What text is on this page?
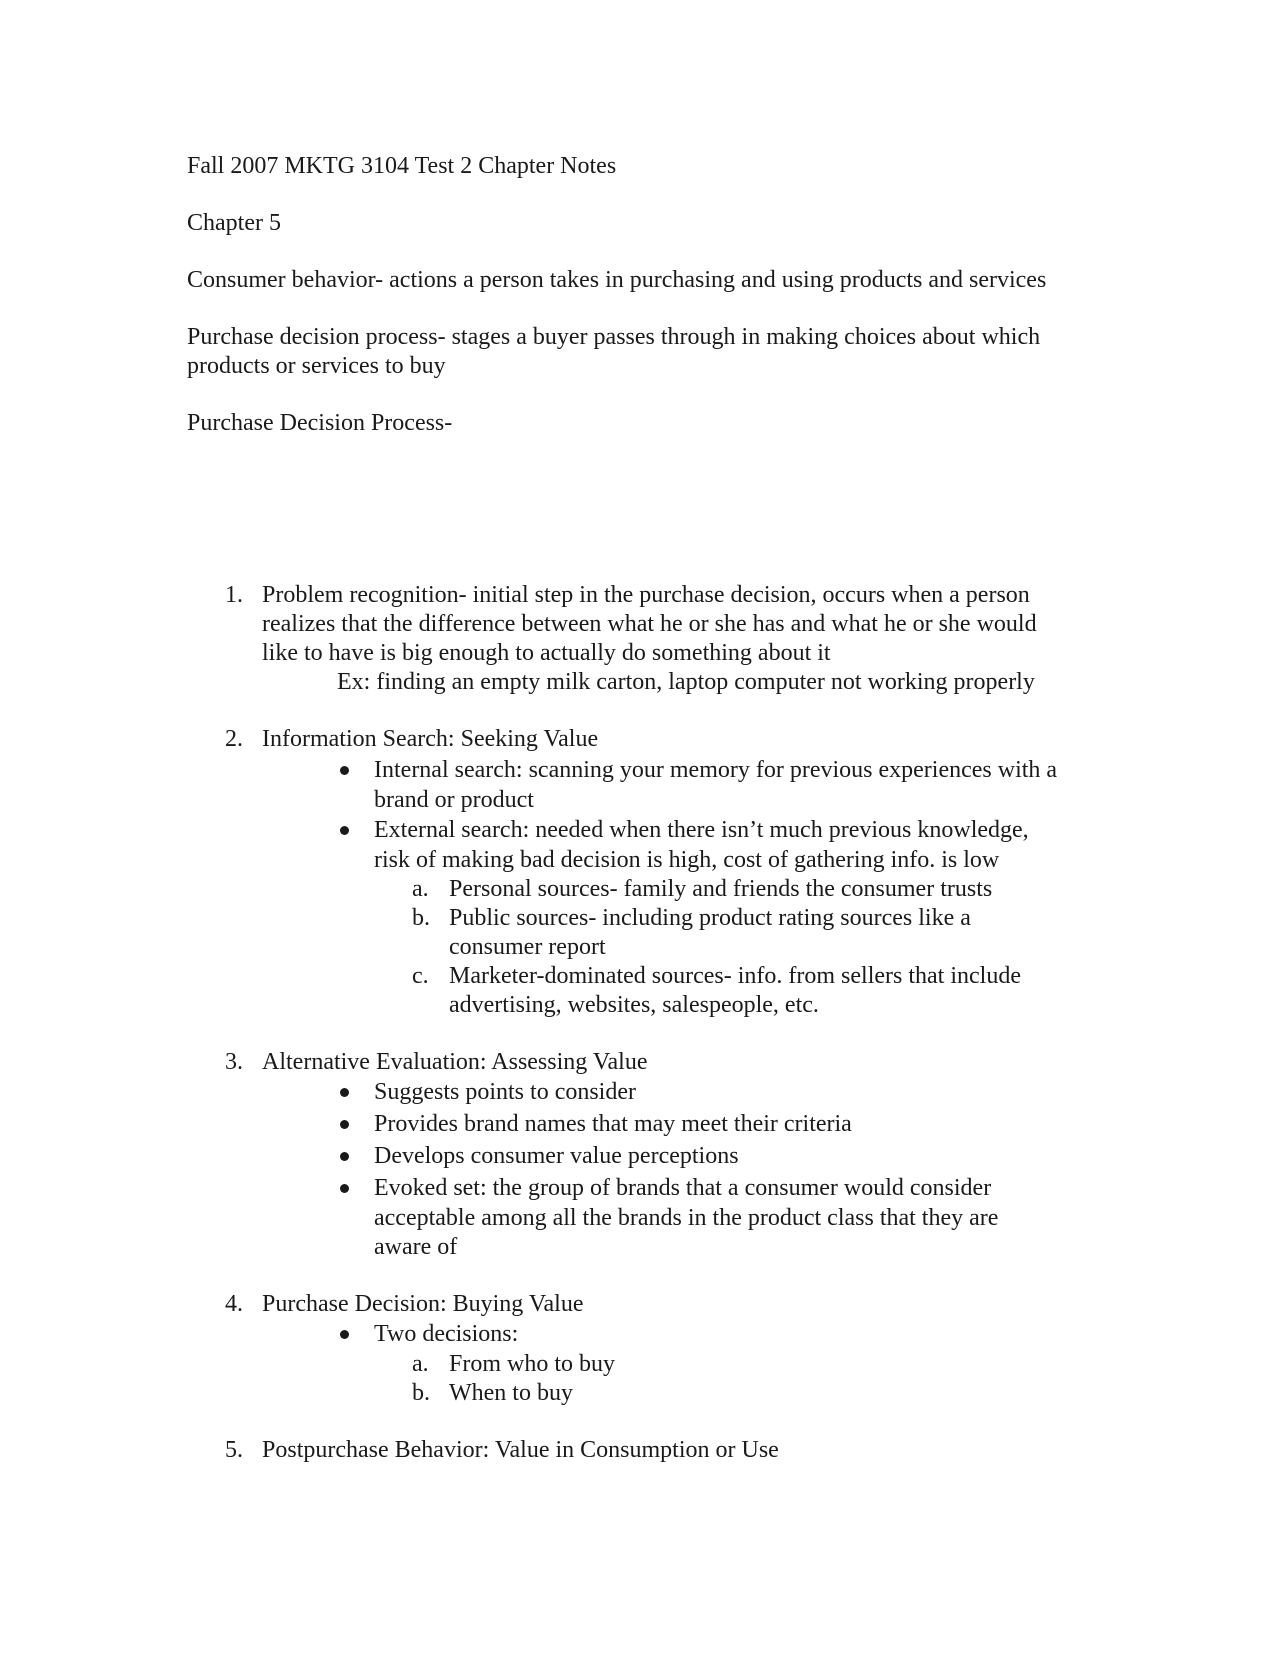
Fall 2007 MKTG 3104 Test 2 Chapter Notes

Chapter 5

Consumer behavior- actions a person takes in purchasing and using products and services

Purchase decision process- stages a buyer passes through in making choices about which

products or services to buy

Purchase Decision Process-

1. Problem recognition- initial step in the purchase decision, occurs when a person

realizes that the difference between what he or she has and what he or she would

like to have is big enough to actually do something about it

Ex: finding an empty milk carton, laptop computer not working properly

2. Information Search: Seeking Value

Internal search: scanning your memory for previous experiences with a

brand or product

External search: needed when there isn’t much previous knowledge,

risk of making bad decision is high, cost of gathering info. is low

a. Personal sources- family and friends the consumer trusts

b. Public sources- including product rating sources like a

consumer report

c. Marketer-dominated sources- info. from sellers that include

advertising, websites, salespeople, etc.

3. Alternative Evaluation: Assessing Value

Suggests points to consider

Provides brand names that may meet their criteria

Develops consumer value perceptions

Evoked set: the group of brands that a consumer would consider

acceptable among all the brands in the product class that they are

aware of

4. Purchase Decision: Buying Value

Two decisions:

a. From who to buy

b. When to buy

5. Postpurchase Behavior: Value in Consumption or Use
